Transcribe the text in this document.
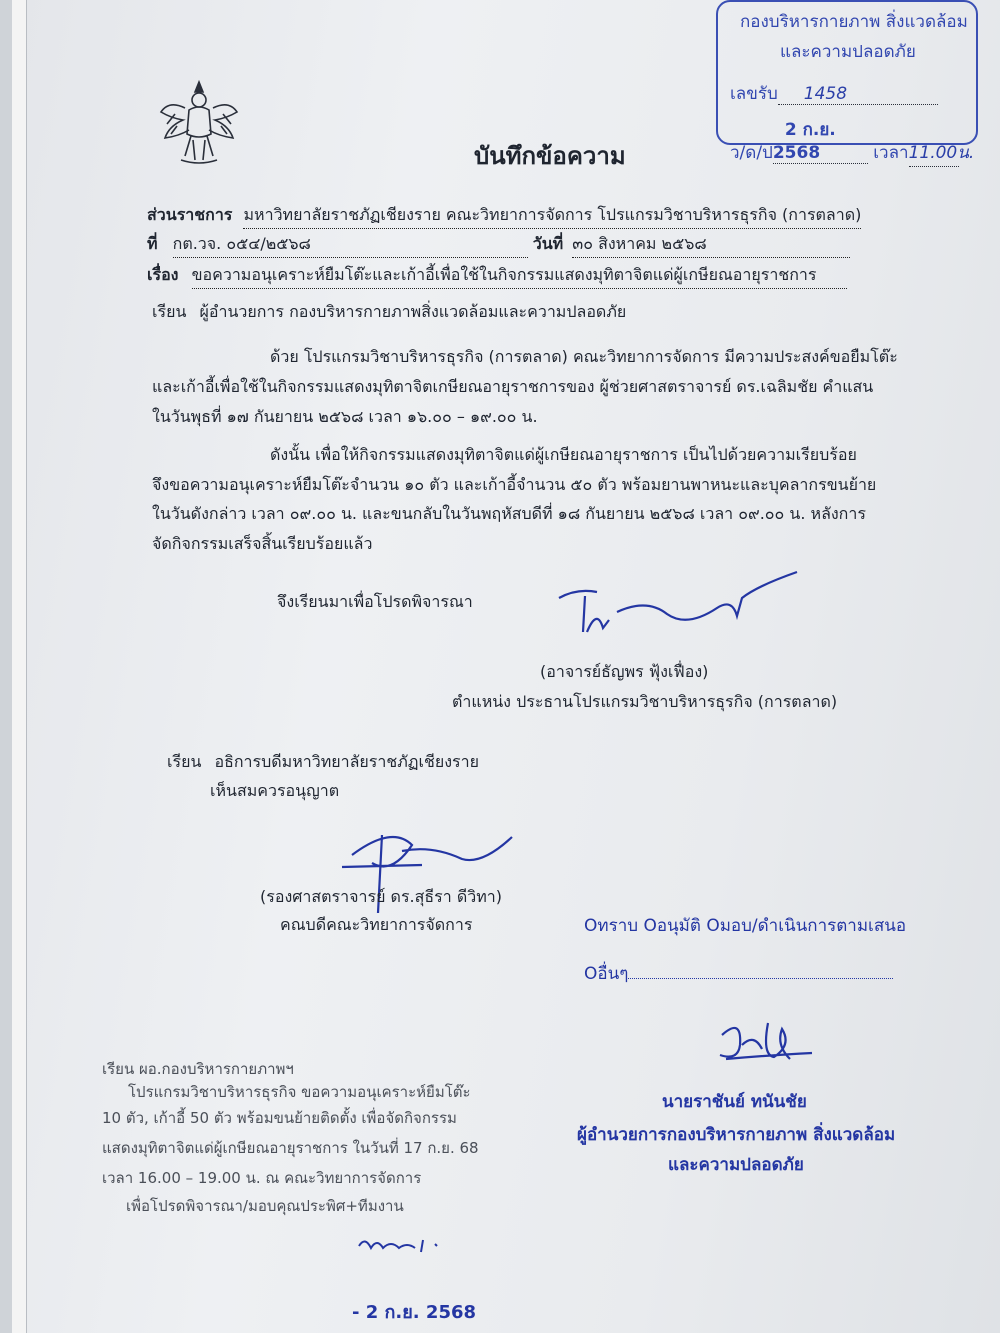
กองบริหารกายภาพ สิ่งแวดล้อม
และความปลอดภัย
เลขรับ 1458
ว/ด/ป2 ก.ย. 2568	เวลา11.00น.
บันทึกข้อความ
ส่วนราชการ มหาวิทยาลัยราชภัฏเชียงราย คณะวิทยาการจัดการ โปรแกรมวิชาบริหารธุรกิจ (การตลาด)
ที่ กต.วจ. ๐๕๔/๒๕๖๘	วันที่ ๓๐ สิงหาคม ๒๕๖๘
เรื่อง ขอความอนุเคราะห์ยืมโต๊ะและเก้าอี้เพื่อใช้ในกิจกรรมแสดงมุทิตาจิตแด่ผู้เกษียณอายุราชการ
เรียน ผู้อำนวยการ กองบริหารกายภาพสิ่งแวดล้อมและความปลอดภัย
ด้วย โปรแกรมวิชาบริหารธุรกิจ (การตลาด) คณะวิทยาการจัดการ มีความประสงค์ขอยืมโต๊ะ
และเก้าอี้เพื่อใช้ในกิจกรรมแสดงมุทิตาจิตเกษียณอายุราชการของ ผู้ช่วยศาสตราจารย์ ดร.เฉลิมชัย คำแสน
ในวันพุธที่ ๑๗ กันยายน ๒๕๖๘ เวลา ๑๖.๐๐ – ๑๙.๐๐ น.
ดังนั้น เพื่อให้กิจกรรมแสดงมุทิตาจิตแด่ผู้เกษียณอายุราชการ เป็นไปด้วยความเรียบร้อย
จึงขอความอนุเคราะห์ยืมโต๊ะจำนวน ๑๐ ตัว และเก้าอี้จำนวน ๕๐ ตัว พร้อมยานพาหนะและบุคลากรขนย้าย
ในวันดังกล่าว เวลา ๐๙.๐๐ น. และขนกลับในวันพฤหัสบดีที่ ๑๘ กันยายน ๒๕๖๘ เวลา ๐๙.๐๐ น. หลังการ
จัดกิจกรรมเสร็จสิ้นเรียบร้อยแล้ว
จึงเรียนมาเพื่อโปรดพิจารณา
(อาจารย์ธัญพร ฟุ้งเฟื่อง)
ตำแหน่ง ประธานโปรแกรมวิชาบริหารธุรกิจ (การตลาด)
เรียน อธิการบดีมหาวิทยาลัยราชภัฏเชียงราย
เห็นสมควรอนุญาต
(รองศาสตราจารย์ ดร.สุธีรา ดีวิทา)
คณบดีคณะวิทยาการจัดการ	Oทราบ Oอนุมัติ Oมอบ/ดำเนินการตามเสนอ
Oอื่นๆ
นายราชันย์ ทนันชัย
ผู้อำนวยการกองบริหารกายภาพ สิ่งแวดล้อม
และความปลอดภัย
เรียน ผอ.กองบริหารกายภาพฯ
โปรแกรมวิชาบริหารธุรกิจ ขอความอนุเคราะห์ยืมโต๊ะ
10 ตัว, เก้าอี้ 50 ตัว พร้อมขนย้ายติดตั้ง เพื่อจัดกิจกรรม
แสดงมุทิตาจิตแด่ผู้เกษียณอายุราชการ ในวันที่ 17 ก.ย. 68
เวลา 16.00 – 19.00 น. ณ คณะวิทยาการจัดการ
เพื่อโปรดพิจารณา/มอบคุณประพิศ+ทีมงาน
- 2 ก.ย. 2568
